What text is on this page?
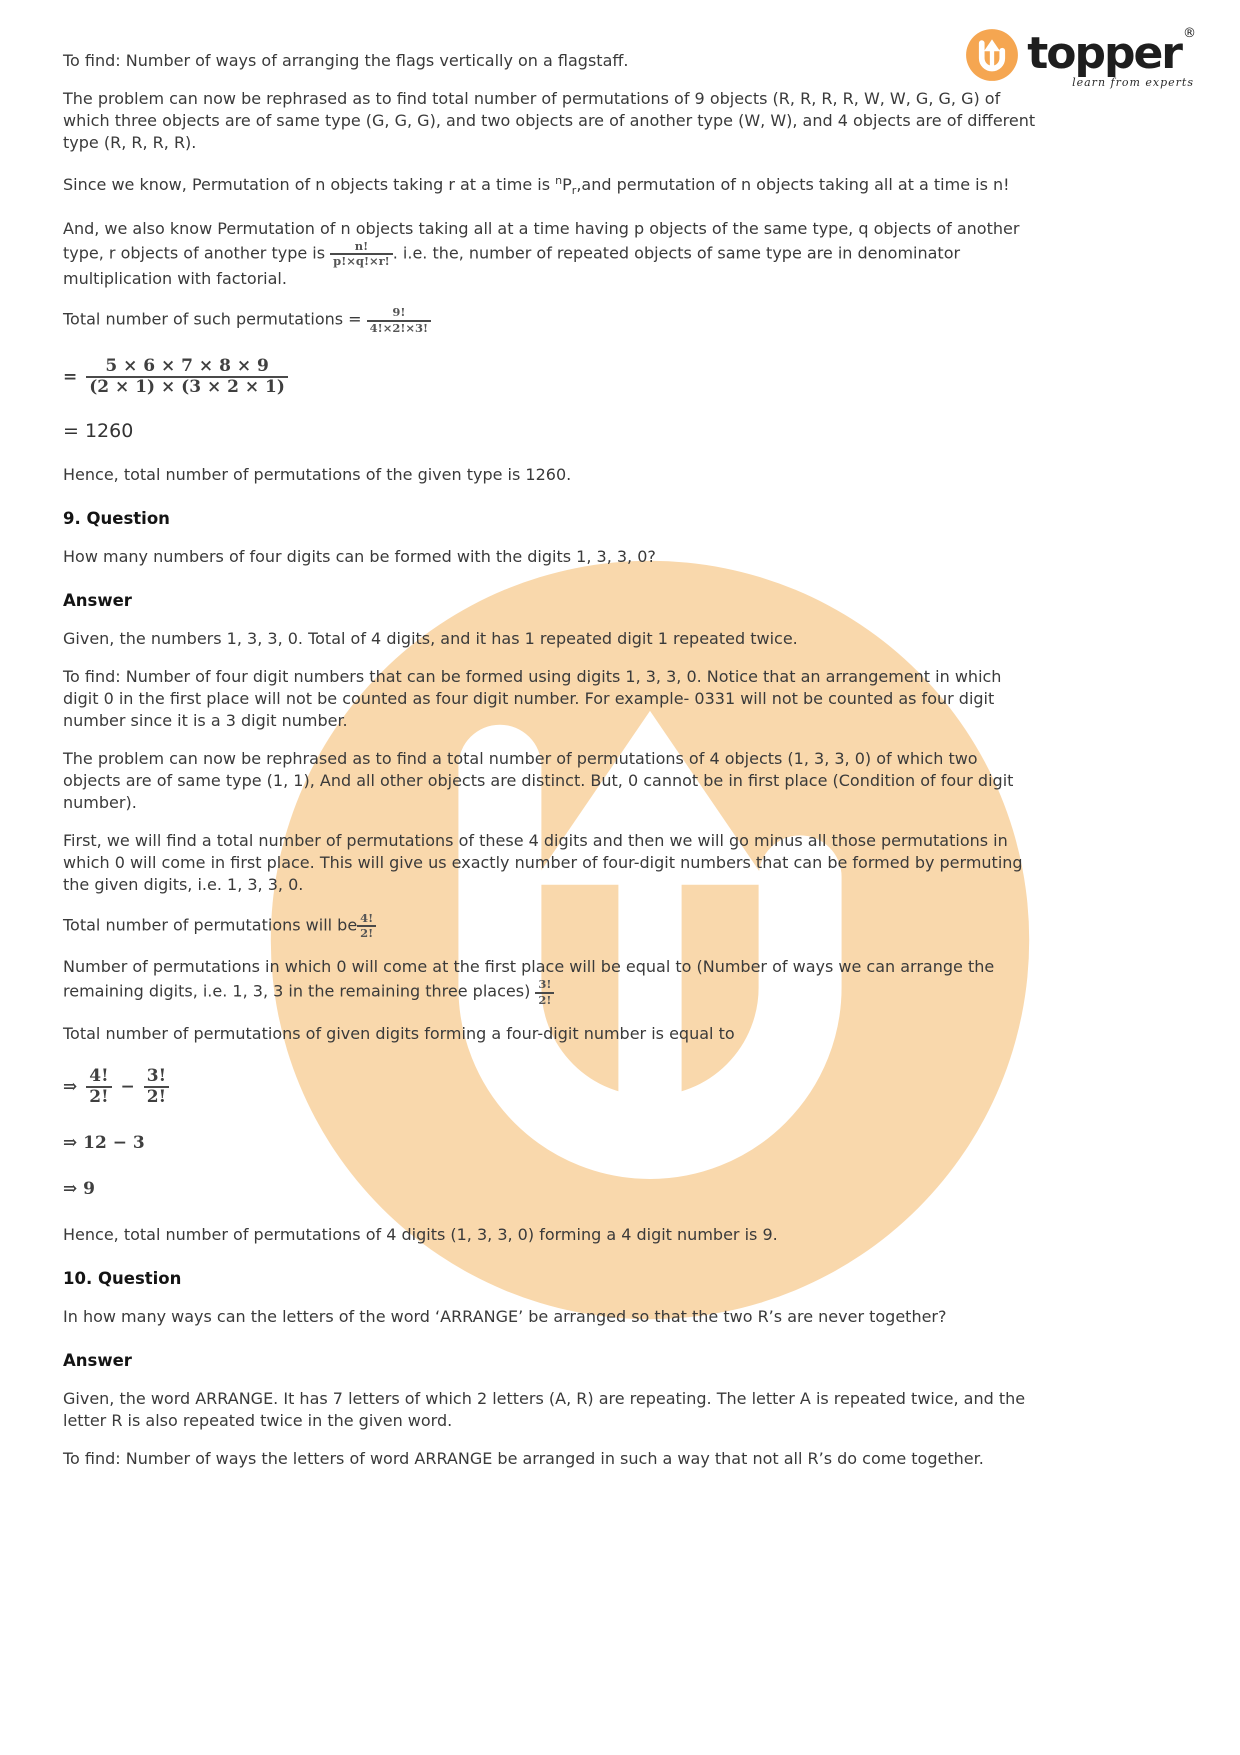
topper ®
learn from experts

To find: Number of ways of arranging the flags vertically on a flagstaff.

The problem can now be rephrased as to find total number of permutations of 9 objects (R, R, R, R, W, W, G, G, G) of which three objects are of same type (G, G, G), and two objects are of another type (W, W), and 4 objects are of different type (R, R, R, R).

Since we know, Permutation of n objects taking r at a time is $^nP_r,and$ permutation of n objects taking all at a time is n!

And, we also know Permutation of n objects taking all at a time having p objects of the same type, q objects of another type, r objects of another type is $\frac{n!}{p!\times q!\times r!}$ . i.e. the, number of repeated objects of same type are in denominator multiplication with factorial.

Total number of such permutations = $\frac{9!}{4!\times 2!\times 3!}$

= $\frac{5 \times 6 \times 7 \times 8 \times 9}{(2 \times 1) \times (3 \times 2 \times 1)}$
= 1260

Hence, total number of permutations of the given type is 1260.

9. Question

How many numbers of four digits can be formed with the digits 1, 3, 3, 0?

Answer

Given, the numbers 1, 3, 3, 0. Total of 4 digits, and it has 1 repeated digit 1 repeated twice.

To find: Number of four digit numbers that can be formed using digits 1, 3, 3, 0. Notice that an arrangement in which digit 0 in the first place will not be counted as four digit number. For example- 0331 will not be counted as four digit number since it is a 3 digit number.

The problem can now be rephrased as to find a total number of permutations of 4 objects (1, 3, 3, 0) of which two objects are of same type (1, 1), And all other objects are distinct. But, 0 cannot be in first place (Condition of four digit number).

First, we will find a total number of permutations of these 4 digits and then we will go minus all those permutations in which 0 will come in first place. This will give us exactly number of four-digit numbers that can be formed by permuting the given digits, i.e. 1, 3, 3, 0.

Total number of permutations will be $\frac{4!}{2!}$

Number of permutations in which 0 will come at the first place will be equal to (Number of ways we can arrange the remaining digits, i.e. 1, 3, 3 in the remaining three places) $\frac{3!}{2!}$

Total number of permutations of given digits forming a four-digit number is equal to

⇒ $\frac{4!}{2!} - \frac{3!}{2!}$
⇒ 12 − 3
⇒ 9

Hence, total number of permutations of 4 digits (1, 3, 3, 0) forming a 4 digit number is 9.

10. Question

In how many ways can the letters of the word ‘ARRANGE’ be arranged so that the two R’s are never together?

Answer

Given, the word ARRANGE. It has 7 letters of which 2 letters (A, R) are repeating. The letter A is repeated twice, and the letter R is also repeated twice in the given word.

To find: Number of ways the letters of word ARRANGE be arranged in such a way that not all R’s do come together.
